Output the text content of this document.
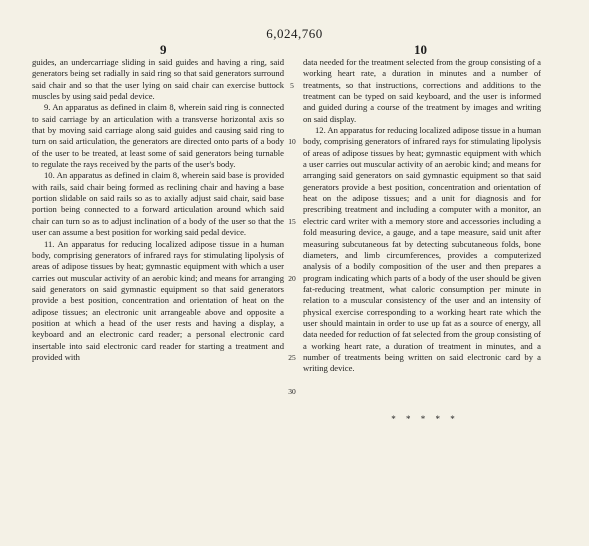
6,024,760
9	10

guides, an undercarriage sliding in said guides and having a ring, said generators being set radially in said ring so that said generators surround said chair and so that the user lying on said chair can exercise buttock muscles by using said pedal device.

9. An apparatus as defined in claim 8, wherein said ring is connected to said carriage by an articulation with a transverse horizontal axis so that by moving said carriage along said guides and causing said ring to turn on said articulation, the generators are directed onto parts of a body of the user to be treated, at least some of said generators being turnable to regulate the rays received by the parts of the user's body.

10. An apparatus as defined in claim 8, wherein said base is provided with rails, said chair being formed as reclining chair and having a base portion slidable on said rails so as to axially adjust said chair, said base portion being connected to a forward articulation around which said chair can turn so as to adjust inclination of a body of the user so that the user can assume a best position for working said pedal device.

11. An apparatus for reducing localized adipose tissue in a human body, comprising generators of infrared rays for stimulating lipolysis of areas of adipose tissues by heat; gymnastic equipment with which a user carries out muscular activity of an aerobic kind; and means for arranging said generators on said gymnastic equipment so that said generators provide a best position, concentration and orientation of heat on the adipose tissues; an electronic unit arrangeable above and opposite a position at which a head of the user rests and having a display, a keyboard and an electronic card reader; a personal electronic card insertable into said electronic card reader for starting a treatment and provided with

5
10
15
20
25
30

data needed for the treatment selected from the group consisting of a working heart rate, a duration in minutes and a number of treatments, so that instructions, corrections and additions to the treatment can be typed on said keyboard, and the user is informed and guided during a course of the treatment by images and writing on said display.

12. An apparatus for reducing localized adipose tissue in a human body, comprising generators of infrared rays for stimulating lipolysis of areas of adipose tissues by heat; gymnastic equipment with which a user carries out muscular activity of an aerobic kind; and means for arranging said generators on said gymnastic equipment so that said generators provide a best position, concentration and orientation of heat on the adipose tissues; and a unit for diagnosis and for prescribing treatment and including a computer with a monitor, an electric card writer with a memory store and accessories including a fold measuring device, a gauge, and a tape measure, said unit after measuring subcutaneous fat by detecting subcutaneous folds, bone diameters, and limb circumferences, provides a computerized analysis of a bodily composition of the user and then prepares a program indicating which parts of a body of the user should be given fat-reducing treatment, what caloric consumption per minute in relation to a muscular consistency of the user and an intensity of physical exercise corresponding to a working heart rate which the user should maintain in order to use up fat as a source of energy, all data needed for reduction of fat selected from the group consisting of a working heart rate, a duration of treatment in minutes, and a number of treatments being written on said electronic card by a writing device.

* * * * *
